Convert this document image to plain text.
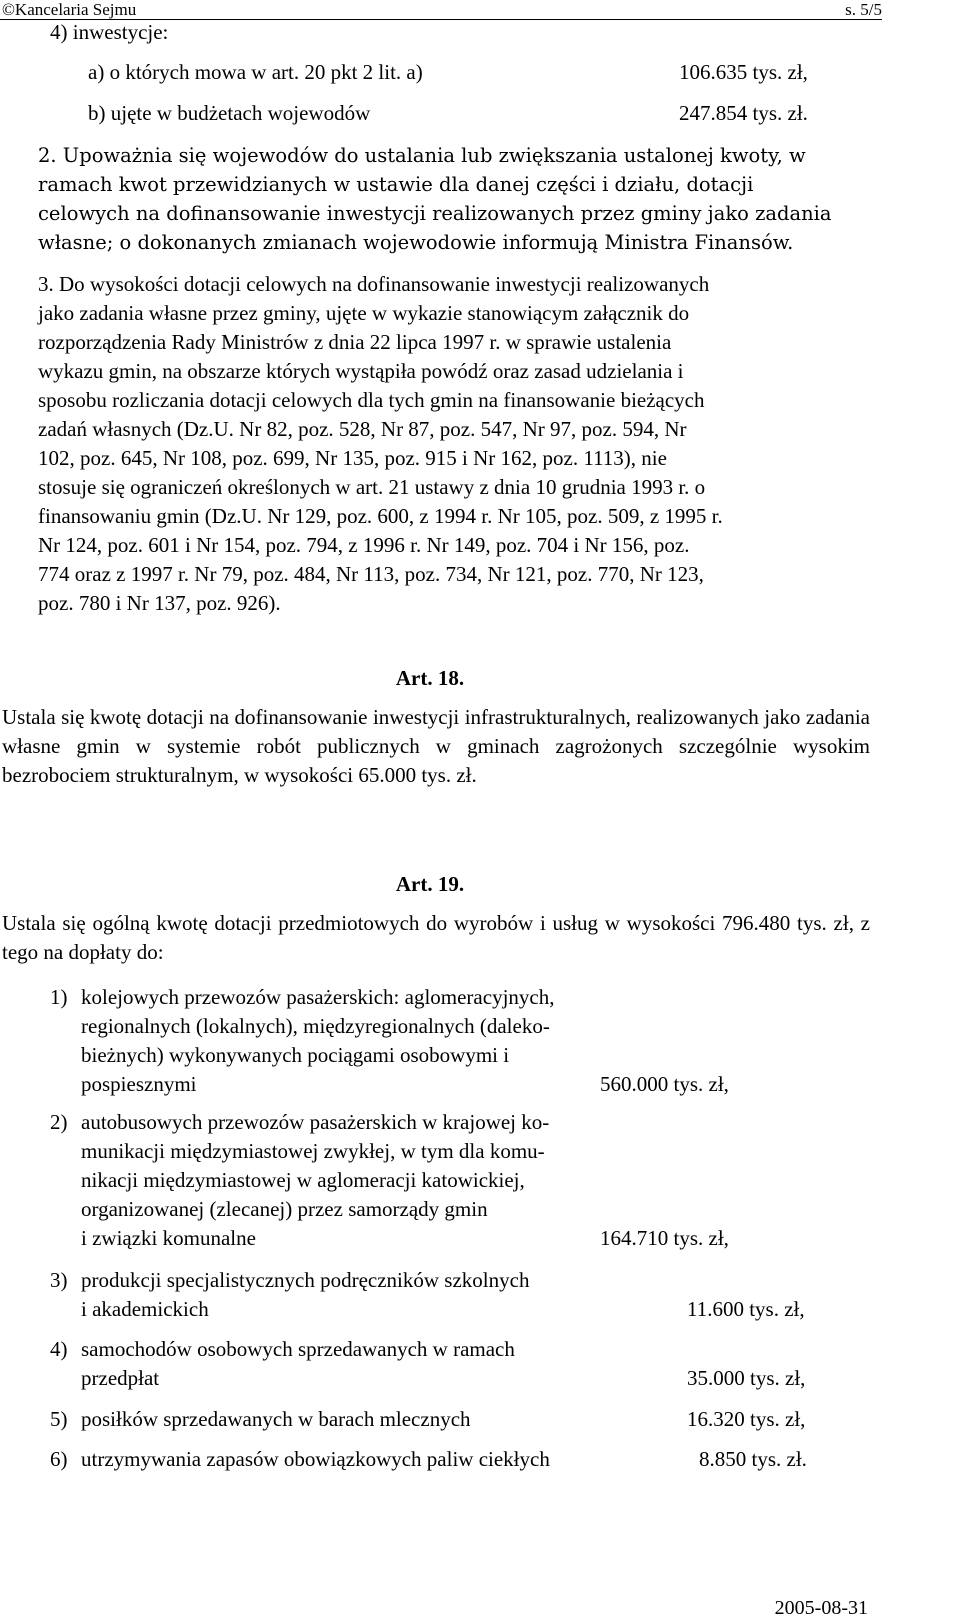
©Kancelaria Sejmu	s. 5/5
4) inwestycje:
a) o których mowa w art. 20 pkt 2 lit. a)	106.635 tys. zł,
b) ujęte w budżetach wojewodów	247.854 tys. zł.
2. Upoważnia się wojewodów do ustalania lub zwiększania ustalonej kwoty, w
ramach kwot przewidzianych w ustawie dla danej części i działu, dotacji
celowych na dofinansowanie inwestycji realizowanych przez gminy jako zadania
własne; o dokonanych zmianach wojewodowie informują Ministra Finansów.
3. Do wysokości dotacji celowych na dofinansowanie inwestycji realizowanych
jako zadania własne przez gminy, ujęte w wykazie stanowiącym załącznik do
rozporządzenia Rady Ministrów z dnia 22 lipca 1997 r. w sprawie ustalenia
wykazu gmin, na obszarze których wystąpiła powódź oraz zasad udzielania i
sposobu rozliczania dotacji celowych dla tych gmin na finansowanie bieżących
zadań własnych (Dz.U. Nr 82, poz. 528, Nr 87, poz. 547, Nr 97, poz. 594, Nr
102, poz. 645, Nr 108, poz. 699, Nr 135, poz. 915 i Nr 162, poz. 1113), nie
stosuje się ograniczeń określonych w art. 21 ustawy z dnia 10 grudnia 1993 r. o
finansowaniu gmin (Dz.U. Nr 129, poz. 600, z 1994 r. Nr 105, poz. 509, z 1995 r.
Nr 124, poz. 601 i Nr 154, poz. 794, z 1996 r. Nr 149, poz. 704 i Nr 156, poz.
774 oraz z 1997 r. Nr 79, poz. 484, Nr 113, poz. 734, Nr 121, poz. 770, Nr 123,
poz. 780 i Nr 137, poz. 926).
Art. 18.
Ustala się kwotę dotacji na dofinansowanie inwestycji infrastrukturalnych, realizowanych jako zadania własne gmin w systemie robót publicznych w gminach zagrożonych szczególnie wysokim bezrobociem strukturalnym, w wysokości 65.000 tys. zł.
Art. 19.
Ustala się ogólną kwotę dotacji przedmiotowych do wyrobów i usług w wysokości 796.480 tys. zł, z tego na dopłaty do:
1) kolejowych przewozów pasażerskich: aglomeracyjnych,
regionalnych (lokalnych), międzyregionalnych (daleko-
bieżnych) wykonywanych pociągami osobowymi i
pospiesznymi	560.000 tys. zł,
2) autobusowych przewozów pasażerskich w krajowej ko-
munikacji międzymiastowej zwykłej, w tym dla komu-
nikacji międzymiastowej w aglomeracji katowickiej,
organizowanej (zlecanej) przez samorządy gmin
i związki komunalne	164.710 tys. zł,
3) produkcji specjalistycznych podręczników szkolnych
i akademickich	11.600 tys. zł,
4) samochodów osobowych sprzedawanych w ramach
przedpłat	35.000 tys. zł,
5) posiłków sprzedawanych w barach mlecznych	16.320 tys. zł,
6) utrzymywania zapasów obowiązkowych paliw ciekłych	8.850 tys. zł.
2005-08-31
